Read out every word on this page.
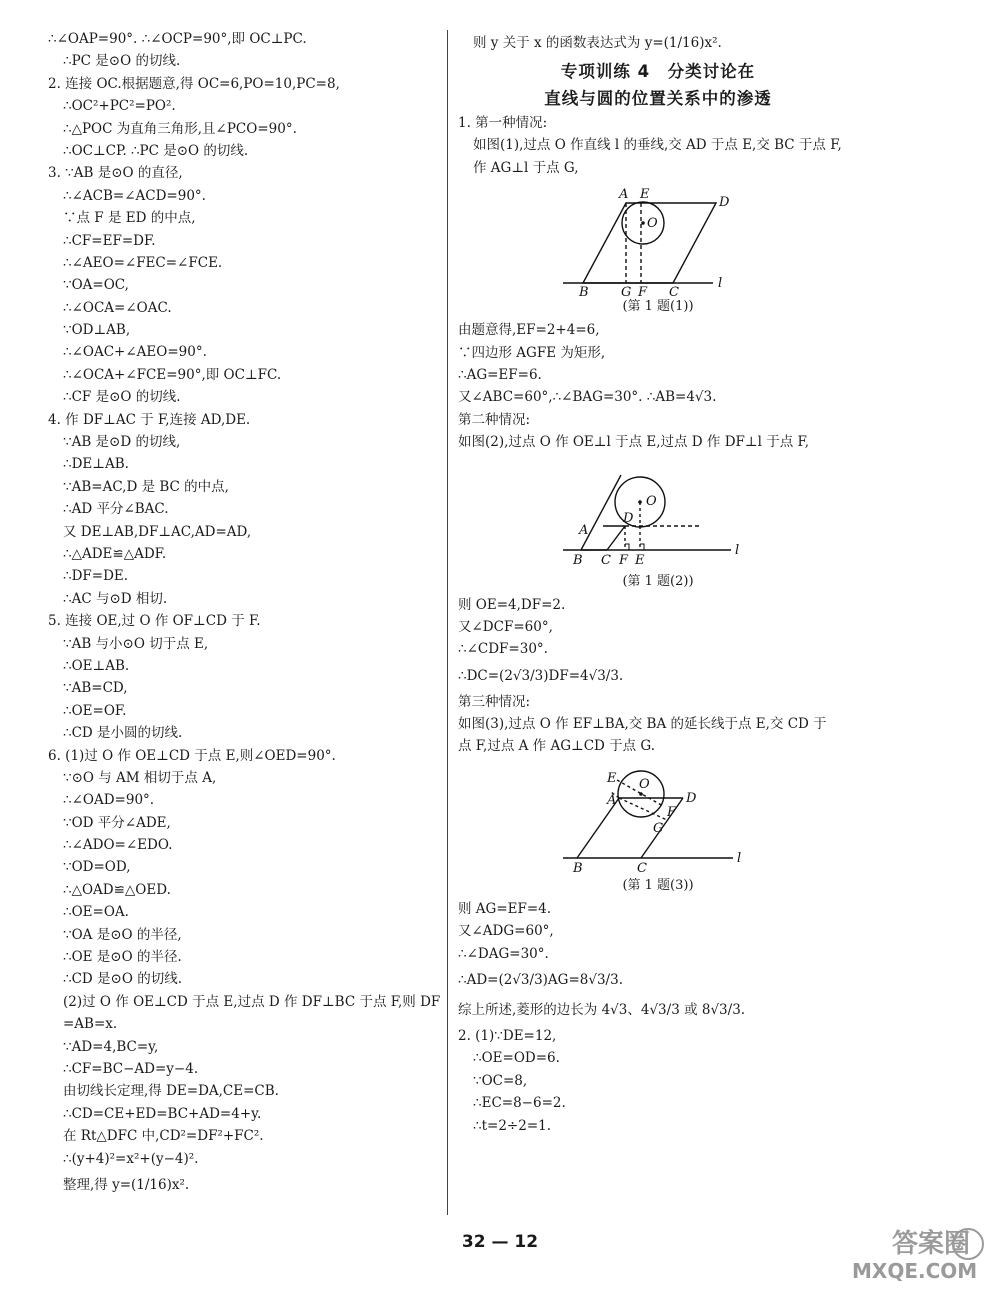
∴∠OAP=90°. ∴∠OCP=90°,即 OC⊥PC.
∴PC 是⊙O 的切线.
2. 连接 OC.根据题意,得 OC=6,PO=10,PC=8,
∴OC²+PC²=PO².
∴△POC 为直角三角形,且∠PCO=90°.
∴OC⊥CP. ∴PC 是⊙O 的切线.
3. ∵AB 是⊙O 的直径,
∴∠ACB=∠ACD=90°.
∵点 F 是 ED 的中点,
∴CF=EF=DF.
∴∠AEO=∠FEC=∠FCE.
∵OA=OC,
∴∠OCA=∠OAC.
∵OD⊥AB,
∴∠OAC+∠AEO=90°.
∴∠OCA+∠FCE=90°,即 OC⊥FC.
∴CF 是⊙O 的切线.
4. 作 DF⊥AC 于 F,连接 AD,DE.
∵AB 是⊙D 的切线,
∴DE⊥AB.
∵AB=AC,D 是 BC 的中点,
∴AD 平分∠BAC.
又 DE⊥AB,DF⊥AC,AD=AD,
∴△ADE≌△ADF.
∴DF=DE.
∴AC 与⊙D 相切.
5. 连接 OE,过 O 作 OF⊥CD 于 F.
∵AB 与小⊙O 切于点 E,
∴OE⊥AB.
∵AB=CD,
∴OE=OF.
∴CD 是小圆的切线.
6. (1)过 O 作 OE⊥CD 于点 E,则∠OED=90°.
∵⊙O 与 AM 相切于点 A,
∴∠OAD=90°.
∵OD 平分∠ADE,
∴∠ADO=∠EDO.
∵OD=OD,
∴△OAD≌△OED.
∴OE=OA.
∵OA 是⊙O 的半径,
∴OE 是⊙O 的半径.
∴CD 是⊙O 的切线.
(2)过 O 作 OE⊥CD 于点 E,过点 D 作 DF⊥BC 于点 F,则 DF
=AB=x.
∵AD=4,BC=y,
∴CF=BC−AD=y−4.
由切线长定理,得 DE=DA,CE=CB.
∴CD=CE+ED=BC+AD=4+y.
在 Rt△DFC 中,CD²=DF²+FC².
∴(y+4)²=x²+(y−4)².
整理,得 y=(1/16)x².
则 y 关于 x 的函数表达式为 y=(1/16)x².
专项训练 4　分类讨论在
直线与圆的位置关系中的渗透
1. 第一种情况:
如图(1),过点 O 作直线 l 的垂线,交 AD 于点 E,交 BC 于点 F,
作 AG⊥l 于点 G,
A E
D
O
B G F C
l
(第 1 题(1))
由题意得,EF=2+4=6,
∵四边形 AGFE 为矩形,
∴AG=EF=6.
又∠ABC=60°,∴∠BAG=30°. ∴AB=4√3.
第二种情况:
如图(2),过点 O 作 OE⊥l 于点 E,过点 D 作 DF⊥l 于点 F,
O
A
D
B C F E
l
(第 1 题(2))
则 OE=4,DF=2.
又∠DCF=60°,
∴∠CDF=30°.
∴DC=(2√3/3)DF=4√3/3.
第三种情况:
如图(3),过点 O 作 EF⊥BA,交 BA 的延长线于点 E,交 CD 于
点 F,过点 A 作 AG⊥CD 于点 G.
E O
A	D
F
G
B	C
l
(第 1 题(3))
则 AG=EF=4.
又∠ADG=60°,
∴∠DAG=30°.
∴AD=(2√3/3)AG=8√3/3.
综上所述,菱形的边长为 4√3、4√3/3 或 8√3/3.
2. (1)∵DE=12,
∴OE=OD=6.
∵OC=8,
∴EC=8−6=2.
∴t=2÷2=1.
32 — 12	答案圈
MXQE.COM
